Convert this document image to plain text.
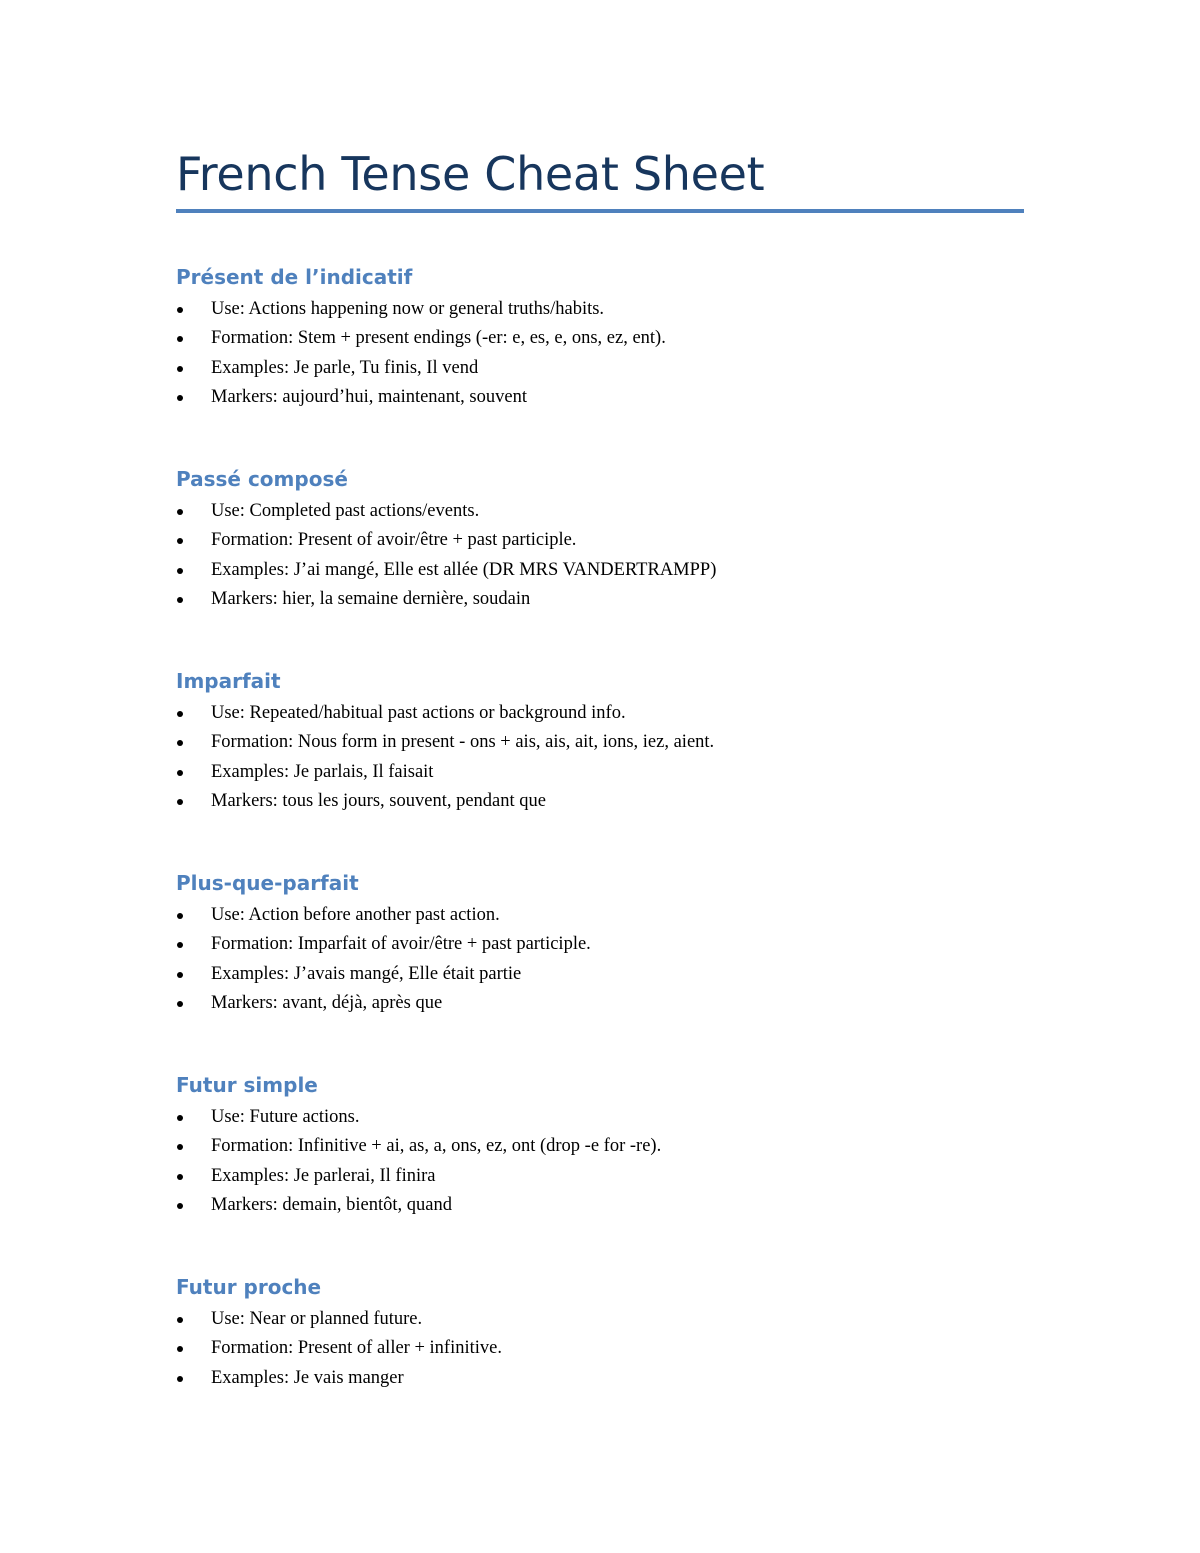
French Tense Cheat Sheet
Présent de l’indicatif
Use: Actions happening now or general truths/habits.
Formation: Stem + present endings (-er: e, es, e, ons, ez, ent).
Examples: Je parle, Tu finis, Il vend
Markers: aujourd’hui, maintenant, souvent
Passé composé
Use: Completed past actions/events.
Formation: Present of avoir/être + past participle.
Examples: J’ai mangé, Elle est allée (DR MRS VANDERTRAMPP)
Markers: hier, la semaine dernière, soudain
Imparfait
Use: Repeated/habitual past actions or background info.
Formation: Nous form in present - ons + ais, ais, ait, ions, iez, aient.
Examples: Je parlais, Il faisait
Markers: tous les jours, souvent, pendant que
Plus-que-parfait
Use: Action before another past action.
Formation: Imparfait of avoir/être + past participle.
Examples: J’avais mangé, Elle était partie
Markers: avant, déjà, après que
Futur simple
Use: Future actions.
Formation: Infinitive + ai, as, a, ons, ez, ont (drop -e for -re).
Examples: Je parlerai, Il finira
Markers: demain, bientôt, quand
Futur proche
Use: Near or planned future.
Formation: Present of aller + infinitive.
Examples: Je vais manger
